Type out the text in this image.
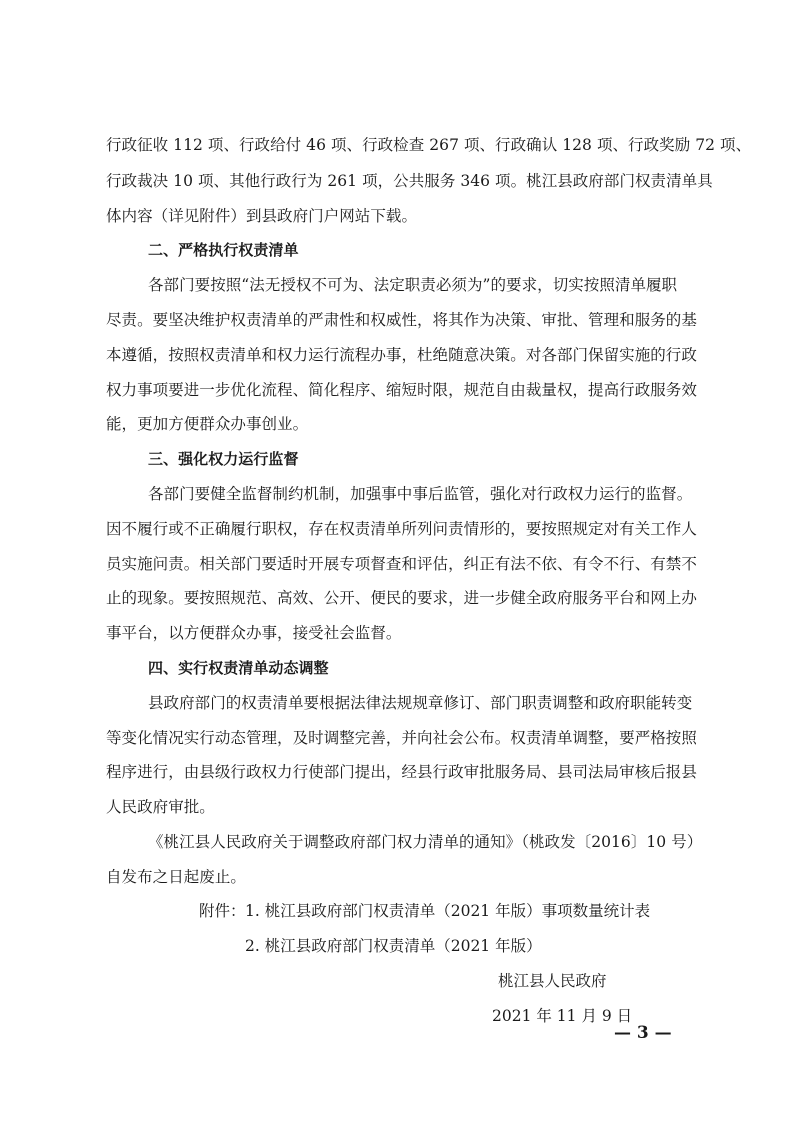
行政征收 112 项、行政给付 46 项、行政检查 267 项、行政确认 128 项、行政奖励 72 项、
行政裁决 10 项、其他行政行为 261 项，公共服务 346 项。桃江县政府部门权责清单具
体内容（详见附件）到县政府门户网站下载。
二、严格执行权责清单
各部门要按照“法无授权不可为、法定职责必须为”的要求，切实按照清单履职
尽责。要坚决维护权责清单的严肃性和权威性，将其作为决策、审批、管理和服务的基
本遵循，按照权责清单和权力运行流程办事，杜绝随意决策。对各部门保留实施的行政
权力事项要进一步优化流程、简化程序、缩短时限，规范自由裁量权，提高行政服务效
能，更加方便群众办事创业。
三、强化权力运行监督
各部门要健全监督制约机制，加强事中事后监管，强化对行政权力运行的监督。
因不履行或不正确履行职权，存在权责清单所列问责情形的，要按照规定对有关工作人
员实施问责。相关部门要适时开展专项督查和评估，纠正有法不依、有令不行、有禁不
止的现象。要按照规范、高效、公开、便民的要求，进一步健全政府服务平台和网上办
事平台，以方便群众办事，接受社会监督。
四、实行权责清单动态调整
县政府部门的权责清单要根据法律法规规章修订、部门职责调整和政府职能转变
等变化情况实行动态管理，及时调整完善，并向社会公布。权责清单调整，要严格按照
程序进行，由县级行政权力行使部门提出，经县行政审批服务局、县司法局审核后报县
人民政府审批。
《桃江县人民政府关于调整政府部门权力清单的通知》（桃政发〔2016〕10 号）
自发布之日起废止。
附件： 1. 桃江县政府部门权责清单（2021 年版）事项数量统计表
2. 桃江县政府部门权责清单（2021 年版）
桃江县人民政府
2021 年 11 月 9 日
— 3 —
